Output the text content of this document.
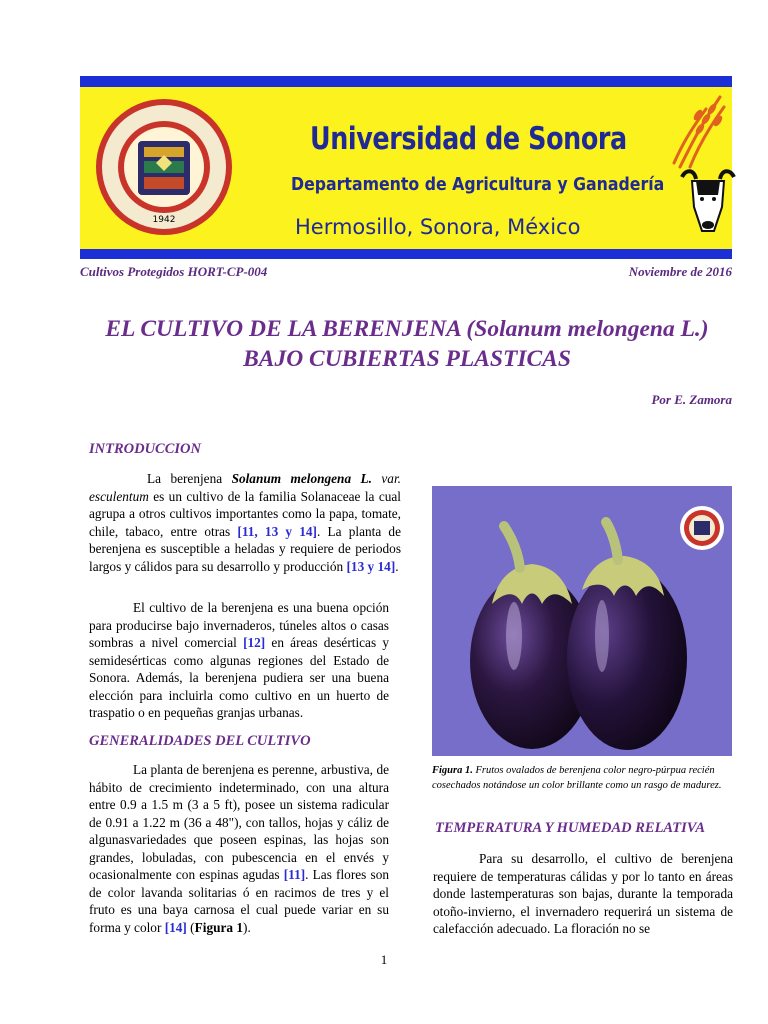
1942
Universidad de Sonora
Departamento de Agricultura y Ganadería
Hermosillo, Sonora, México
Cultivos Protegidos HORT-CP-004	Noviembre de 2016
EL CULTIVO DE LA BERENJENA (Solanum melongena L.)
BAJO CUBIERTAS PLASTICAS
Por E. Zamora
INTRODUCCION

La berenjena Solanum melongena L. var. esculentum es un cultivo de la familia Solanaceae la cual agrupa a otros cultivos importantes como la papa, tomate, chile, tabaco, entre otras [11, 13 y 14]. La planta de berenjena es susceptible a heladas y requiere de periodos largos y cálidos para su desarrollo y producción [13 y 14].

El cultivo de la berenjena es una buena opción para producirse bajo invernaderos, túneles altos o casas sombras a nivel comercial [12] en áreas desérticas y semidesérticas como algunas regiones del Estado de Sonora. Además, la berenjena pudiera ser una buena elección para incluirla como cultivo en un huerto de traspatio o en pequeñas granjas urbanas.

GENERALIDADES DEL CULTIVO

La planta de berenjena es perenne, arbustiva, de hábito de crecimiento indeterminado, con una altura entre 0.9 a 1.5 m (3 a 5 ft), posee un sistema radicular de 0.91 a 1.22 m (36 a 48"), con tallos, hojas y cáliz de algunasvariedades que poseen espinas, las hojas son grandes, lobuladas, con pubescencia en el envés y ocasionalmente con espinas agudas [11]. Las flores son de color lavanda solitarias ó en racimos de tres y el fruto es una baya carnosa el cual puede variar en su forma y color [14] (Figura 1).

Figura 1. Frutos ovalados de berenjena color negro-púrpua recién cosechados notándose un color brillante como un rasgo de madurez.
TEMPERATURA Y HUMEDAD RELATIVA

Para su desarrollo, el cultivo de berenjena requiere de temperaturas cálidas y por lo tanto en áreas donde lastemperaturas son bajas, durante la temporada otoño-invierno, el invernadero requerirá un sistema de calefacción adecuado. La floración no se

1
